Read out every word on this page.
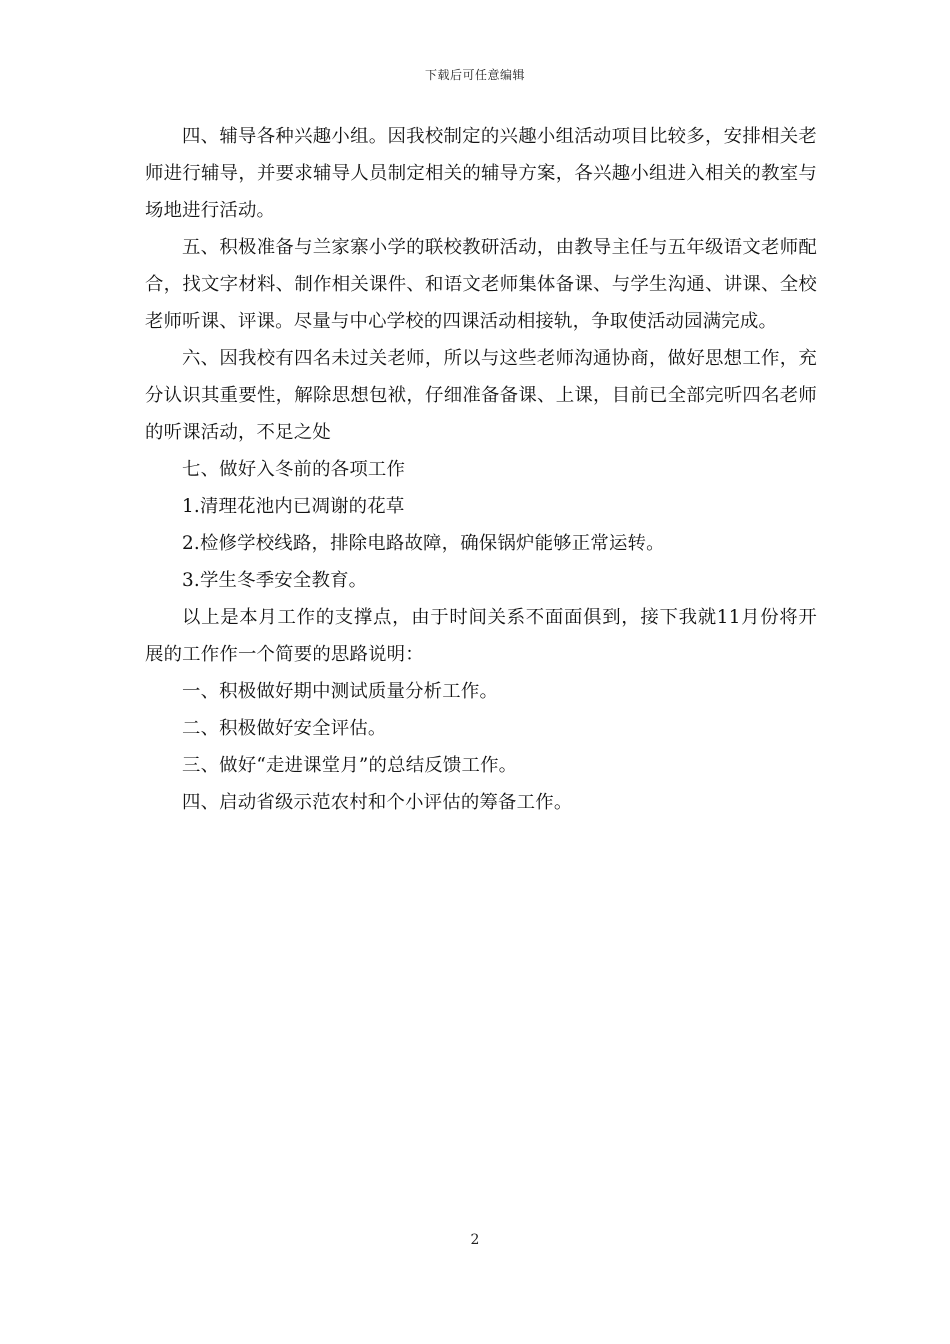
下载后可任意编辑

四、辅导各种兴趣小组。因我校制定的兴趣小组活动项目比较多，安排相关老师进行辅导，并要求辅导人员制定相关的辅导方案，各兴趣小组进入相关的教室与场地进行活动。

五、积极准备与兰家寨小学的联校教研活动，由教导主任与五年级语文老师配合，找文字材料、制作相关课件、和语文老师集体备课、与学生沟通、讲课、全校老师听课、评课。尽量与中心学校的四课活动相接轨，争取使活动园满完成。

六、因我校有四名未过关老师，所以与这些老师沟通协商，做好思想工作，充分认识其重要性，解除思想包袱，仔细准备备课、上课，目前已全部完听四名老师的听课活动，不足之处

七、做好入冬前的各项工作

1.清理花池内已凋谢的花草

2.检修学校线路，排除电路故障，确保锅炉能够正常运转。

3.学生冬季安全教育。

以上是本月工作的支撑点，由于时间关系不面面俱到，接下我就11月份将开展的工作作一个简要的思路说明：

一、积极做好期中测试质量分析工作。

二、积极做好安全评估。

三、做好“走进课堂月”的总结反馈工作。

四、启动省级示范农村和个小评估的筹备工作。

2
